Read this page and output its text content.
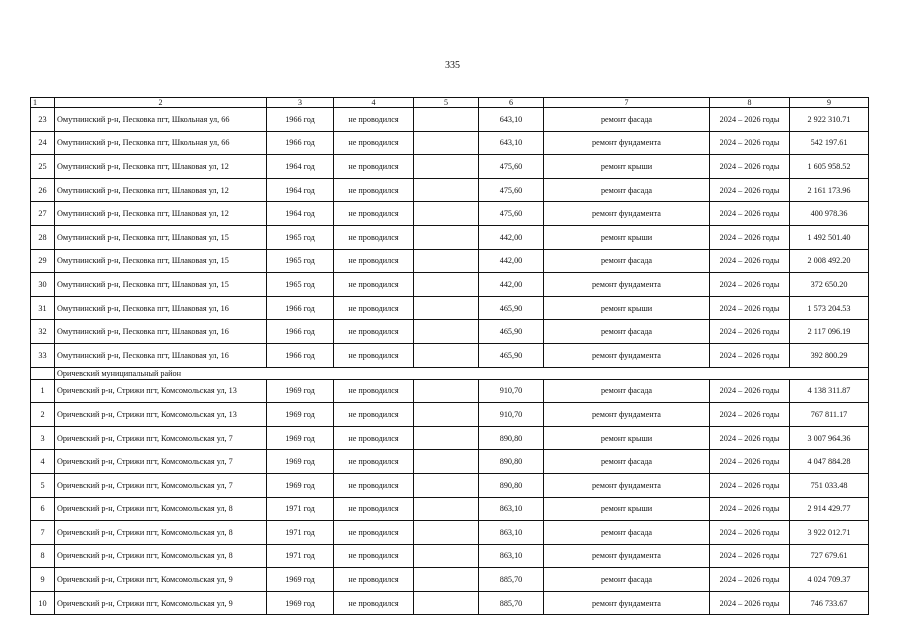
335
1	2	3	4	5	6	7	8	9
23	Омутнинский р-н, Песковка пгт, Школьная ул, 66	1966 год	не проводился		643,10	ремонт фасада	2024 – 2026 годы	2 922 310.71
24	Омутнинский р-н, Песковка пгт, Школьная ул, 66	1966 год	не проводился		643,10	ремонт фундамента	2024 – 2026 годы	542 197.61
25	Омутнинский р-н, Песковка пгт, Шлаковая ул, 12	1964 год	не проводился		475,60	ремонт крыши	2024 – 2026 годы	1 605 958.52
26	Омутнинский р-н, Песковка пгт, Шлаковая ул, 12	1964 год	не проводился		475,60	ремонт фасада	2024 – 2026 годы	2 161 173.96
27	Омутнинский р-н, Песковка пгт, Шлаковая ул, 12	1964 год	не проводился		475,60	ремонт фундамента	2024 – 2026 годы	400 978.36
28	Омутнинский р-н, Песковка пгт, Шлаковая ул, 15	1965 год	не проводился		442,00	ремонт крыши	2024 – 2026 годы	1 492 501.40
29	Омутнинский р-н, Песковка пгт, Шлаковая ул, 15	1965 год	не проводился		442,00	ремонт фасада	2024 – 2026 годы	2 008 492.20
30	Омутнинский р-н, Песковка пгт, Шлаковая ул, 15	1965 год	не проводился		442,00	ремонт фундамента	2024 – 2026 годы	372 650.20
31	Омутнинский р-н, Песковка пгт, Шлаковая ул, 16	1966 год	не проводился		465,90	ремонт крыши	2024 – 2026 годы	1 573 204.53
32	Омутнинский р-н, Песковка пгт, Шлаковая ул, 16	1966 год	не проводился		465,90	ремонт фасада	2024 – 2026 годы	2 117 096.19
33	Омутнинский р-н, Песковка пгт, Шлаковая ул, 16	1966 год	не проводился		465,90	ремонт фундамента	2024 – 2026 годы	392 800.29
	Оричевский муниципальный район							
1	Оричевский р-н, Стрижи пгт, Комсомольская ул, 13	1969 год	не проводился		910,70	ремонт фасада	2024 – 2026 годы	4 138 311.87
2	Оричевский р-н, Стрижи пгт, Комсомольская ул, 13	1969 год	не проводился		910,70	ремонт фундамента	2024 – 2026 годы	767 811.17
3	Оричевский р-н, Стрижи пгт, Комсомольская ул, 7	1969 год	не проводился		890,80	ремонт крыши	2024 – 2026 годы	3 007 964.36
4	Оричевский р-н, Стрижи пгт, Комсомольская ул, 7	1969 год	не проводился		890,80	ремонт фасада	2024 – 2026 годы	4 047 884.28
5	Оричевский р-н, Стрижи пгт, Комсомольская ул, 7	1969 год	не проводился		890,80	ремонт фундамента	2024 – 2026 годы	751 033.48
6	Оричевский р-н, Стрижи пгт, Комсомольская ул, 8	1971 год	не проводился		863,10	ремонт крыши	2024 – 2026 годы	2 914 429.77
7	Оричевский р-н, Стрижи пгт, Комсомольская ул, 8	1971 год	не проводился		863,10	ремонт фасада	2024 – 2026 годы	3 922 012.71
8	Оричевский р-н, Стрижи пгт, Комсомольская ул, 8	1971 год	не проводился		863,10	ремонт фундамента	2024 – 2026 годы	727 679.61
9	Оричевский р-н, Стрижи пгт, Комсомольская ул, 9	1969 год	не проводился		885,70	ремонт фасада	2024 – 2026 годы	4 024 709.37
10	Оричевский р-н, Стрижи пгт, Комсомольская ул, 9	1969 год	не проводился		885,70	ремонт фундамента	2024 – 2026 годы	746 733.67
